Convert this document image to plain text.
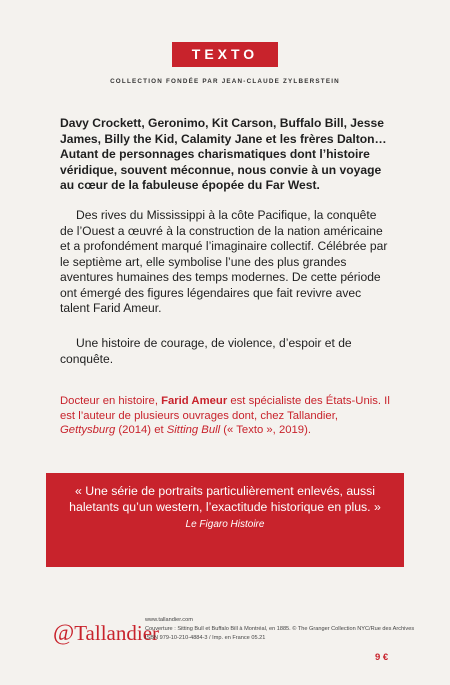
TEXTO
COLLECTION FONDÉE PAR JEAN-CLAUDE ZYLBERSTEIN

Davy Crockett, Geronimo, Kit Carson, Buffalo Bill, Jesse James, Billy the Kid, Calamity Jane et les frères Dalton… Autant de personnages charismatiques dont l’histoire véridique, souvent méconnue, nous convie à un voyage au cœur de la fabuleuse épopée du Far West.

Des rives du Mississippi à la côte Pacifique, la conquête de l’Ouest a œuvré à la construction de la nation américaine et a profondément marqué l’imaginaire collectif. Célébrée par le septième art, elle symbolise l’une des plus grandes aventures humaines des temps modernes. De cette période ont émergé des figures légendaires que fait revivre avec talent Farid Ameur.

Une histoire de courage, de violence, d’espoir et de conquête.

Docteur en histoire, Farid Ameur est spécialiste des États-Unis. Il est l’auteur de plusieurs ouvrages dont, chez Tallandier, Gettysburg (2014) et Sitting Bull (« Texto », 2019).

« Une série de portraits particulièrement enlevés, aussi haletants qu’un western, l’exactitude historique en plus. »

Le Figaro Histoire
@Tallandier
www.tallandier.com
Couverture : Sitting Bull et Buffalo Bill à Montréal, en 1885. © The Granger Collection NYC/Rue des Archives
ISBN 979-10-210-4884-3 / Imp. en France 05.21
9 €
